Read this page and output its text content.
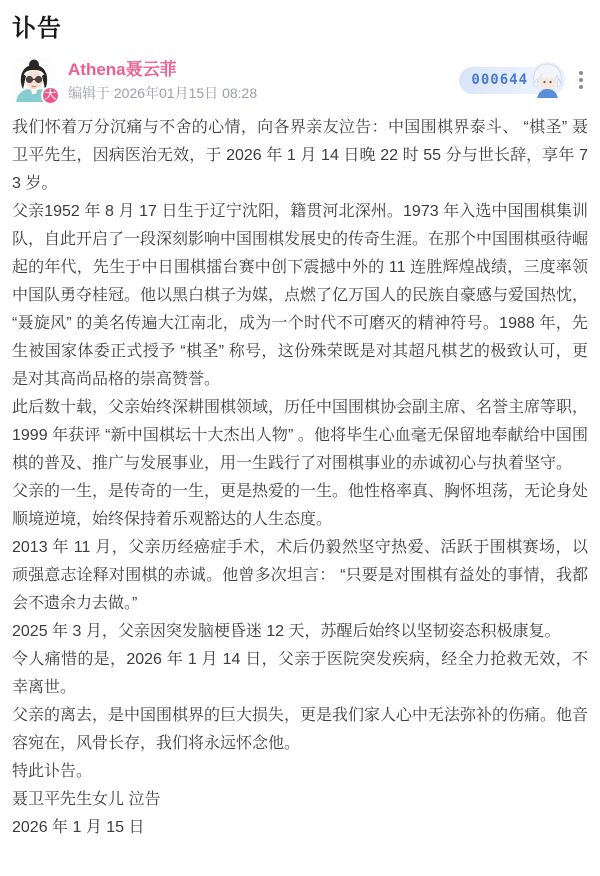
讣告
大
Athena聂云菲
编辑于 2026年01月15日 08:28
000644

我们怀着万分沉痛与不舍的心情，向各界亲友泣告：中国围棋界泰斗、 “棋圣” 聂卫平先生，因病医治无效，于 2026 年 1 月 14 日晚 22 时 55 分与世长辞，享年 73 岁。

父亲1952 年 8 月 17 日生于辽宁沈阳，籍贯河北深州。1973 年入选中国围棋集训队，自此开启了一段深刻影响中国围棋发展史的传奇生涯。在那个中国围棋亟待崛起的年代，先生于中日围棋擂台赛中创下震撼中外的 11 连胜辉煌战绩，三度率领中国队勇夺桂冠。他以黑白棋子为媒，点燃了亿万国人的民族自豪感与爱国热忱， “聂旋风” 的美名传遍大江南北，成为一个时代不可磨灭的精神符号。1988 年，先生被国家体委正式授予 “棋圣” 称号，这份殊荣既是对其超凡棋艺的极致认可，更是对其高尚品格的崇高赞誉。

此后数十载，父亲始终深耕围棋领域，历任中国围棋协会副主席、名誉主席等职，1999 年获评 “新中国棋坛十大杰出人物” 。他将毕生心血毫无保留地奉献给中国围棋的普及、推广与发展事业，用一生践行了对围棋事业的赤诚初心与执着坚守。

父亲的一生，是传奇的一生，更是热爱的一生。他性格率真、胸怀坦荡，无论身处顺境逆境，始终保持着乐观豁达的人生态度。

2013 年 11 月，父亲历经癌症手术，术后仍毅然坚守热爱、活跃于围棋赛场，以顽强意志诠释对围棋的赤诚。他曾多次坦言： “只要是对围棋有益处的事情，我都会不遗余力去做。”

2025 年 3 月，父亲因突发脑梗昏迷 12 天，苏醒后始终以坚韧姿态积极康复。

令人痛惜的是，2026 年 1 月 14 日，父亲于医院突发疾病，经全力抢救无效，不幸离世。

父亲的离去，是中国围棋界的巨大损失，更是我们家人心中无法弥补的伤痛。他音容宛在，风骨长存，我们将永远怀念他。

特此讣告。

聂卫平先生女儿 泣告

2026 年 1 月 15 日
